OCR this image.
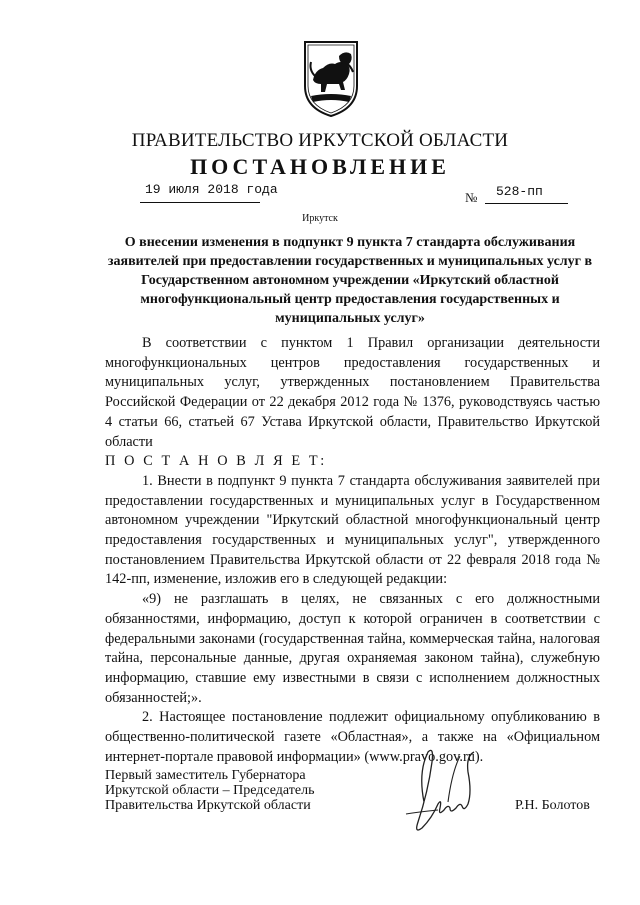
ПРАВИТЕЛЬСТВО ИРКУТСКОЙ ОБЛАСТИ
ПОСТАНОВЛЕНИЕ
19 июля 2018 года
№ 528-пп
Иркутск
О внесении изменения в подпункт 9 пункта 7 стандарта обслуживания заявителей при предоставлении государственных и муниципальных услуг в Государственном автономном учреждении «Иркутский областной многофункциональный центр предоставления государственных и муниципальных услуг»

В соответствии с пунктом 1 Правил организации деятельности многофункциональных центров предоставления государственных и муниципальных услуг, утвержденных постановлением Правительства Российской Федерации от 22 декабря 2012 года № 1376, руководствуясь частью 4 статьи 66, статьей 67 Устава Иркутской области, Правительство Иркутской области

П О С Т А Н О В Л Я Е Т:

1. Внести в подпункт 9 пункта 7 стандарта обслуживания заявителей при предоставлении государственных и муниципальных услуг в Государственном автономном учреждении "Иркутский областной многофункциональный центр предоставления государственных и муниципальных услуг", утвержденного постановлением Правительства Иркутской области от 22 февраля 2018 года № 142-пп, изменение, изложив его в следующей редакции:

«9) не разглашать в целях, не связанных с его должностными обязанностями, информацию, доступ к которой ограничен в соответствии с федеральными законами (государственная тайна, коммерческая тайна, налоговая тайна, персональные данные, другая охраняемая законом тайна), служебную информацию, ставшие ему известными в связи с исполнением должностных обязанностей;».

2. Настоящее постановление подлежит официальному опубликованию в общественно-политической газете «Областная», а также на «Официальном интернет-портале правовой информации» (www.pravo.gov.ru).

Первый заместитель Губернатора
Иркутской области – Председатель
Правительства Иркутской области	Р.Н. Болотов
